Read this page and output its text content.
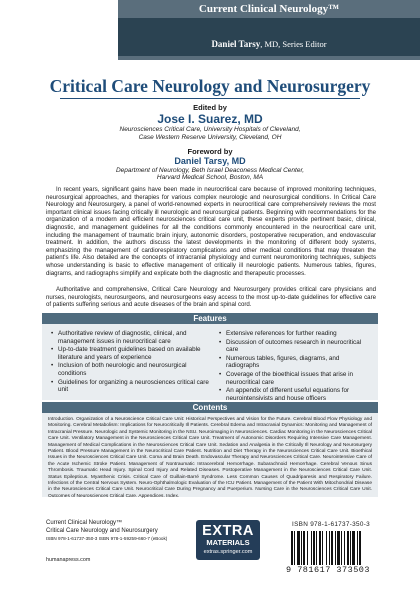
Current Clinical Neurology™
Daniel Tarsy, MD, Series Editor
Critical Care Neurology and Neurosurgery
Edited by
Jose I. Suarez, MD
Neurosciences Critical Care, University Hospitals of Cleveland,
Case Western Reserve University, Cleveland, OH
Foreword by
Daniel Tarsy, MD
Department of Neurology, Beth Israel Deaconess Medical Center,
Harvard Medical School, Boston, MA

In recent years, significant gains have been made in neurocritical care because of improved monitoring techniques, neurosurgical approaches, and therapies for various complex neurologic and neurosurgical conditions. In Critical Care Neurology and Neurosurgery, a panel of world-renowned experts in neurocritical care comprehensively reviews the most important clinical issues facing critically ill neurologic and neurosurgical patients. Beginning with recommendations for the organization of a modern and efficient neurosciences critical care unit, these experts provide pertinent basic, clinical, diagnostic, and management guidelines for all the conditions commonly encountered in the neurocritical care unit, including the management of traumatic brain injury, autonomic disorders, postoperative recuperation, and endovascular treatment. In addition, the authors discuss the latest developments in the monitoring of different body systems, emphasizing the management of cardiorespiratory complications and other medical conditions that may threaten the patient's life. Also detailed are the concepts of intracranial physiology and current neuromonitoring techniques, subjects whose understanding is basic to effective management of critically ill neurologic patients. Numerous tables, figures, diagrams, and radiographs simplify and explicate both the diagnostic and therapeutic processes.

Authoritative and comprehensive, Critical Care Neurology and Neurosurgery provides critical care physicians and nurses, neurologists, neurosurgeons, and neurosurgeons easy access to the most up-to-date guidelines for effective care of patients suffering serious and acute diseases of the brain and spinal cord.

Features
• Authoritative review of diagnostic, clinical, and management issues in neurocritical care
• Up-to-date treatment guidelines based on available literature and years of experience
• Inclusion of both neurologic and neurosurgical conditions
• Guidelines for organizing a neurosciences critical care unit
• Extensive references for further reading
• Discussion of outcomes research in neurocritical care
• Numerous tables, figures, diagrams, and radiographs
• Coverage of the bioethical issues that arise in neurocritical care
• An appendix of different useful equations for neurointensivists and house officers
Contents

Introduction. Organization of a Neuroscience Critical Care Unit: Historical Perspectives and Vision for the Future. Cerebral Blood Flow Physiology and Monitoring. Cerebral Metabolism: Implications for Neurocritically Ill Patients. Cerebral Edema and Intracranial Dynamics: Monitoring and Management of Intracranial Pressure. Neurologic and Systemic Monitoring in the NSU. Neuroimaging in Neurosciences. Cardiac Monitoring in the Neurosciences Critical Care Unit. Ventilatory Management in the Neurosciences Critical Care Unit. Treatment of Autonomic Disorders Requiring Intensive Care Management. Management of Medical Complications in the Neurosciences Critical Care Unit. Sedation and Analgesia in the Critically Ill Neurology and Neurosurgery Patient. Blood Pressure Management in the Neurocritical Care Patient. Nutrition and Diet Therapy in the Neurosciences Critical Care Unit. Bioethical Issues in the Neurosciences Critical Care Unit. Coma and Brain Death. Endovascular Therapy and Neurosciences Critical Care. Neurointensive Care of the Acute Ischemic Stroke Patient. Management of Nontraumatic Intracerebral Hemorrhage. Subarachnoid Hemorrhage. Cerebral Venous Sinus Thrombosis. Traumatic Head Injury. Spinal Cord Injury and Related Diseases. Postoperative Management in the Neurosciences Critical Care Unit. Status Epilepticus. Myasthenic Crisis. Critical Care of Guillain-Barré Syndrome. Less Common Causes of Quadriparesis and Respiratory Failure. Infections of the Central Nervous System. Neuro-Ophthalmologic Evaluation of the ICU Patient. Management of the Patient With Mitochondrial Disease in the Neurosciences Critical Care Unit. Neurocritical Care During Pregnancy and Puerperium. Nursing Care in the Neurosciences Critical Care Unit. Outcomes of Neurosciences Critical Care. Appendices. Index.

Current Clinical Neurology™
Critical Care Neurology and Neurosurgery
ISBN 978-1-61737-350-3 ISBN 978-1-59259-660-7 (eBook)
humanapress.com
EXTRA
MATERIALS
extras.springer.com
ISBN 978-1-61737-350-3
9 781617 373503
